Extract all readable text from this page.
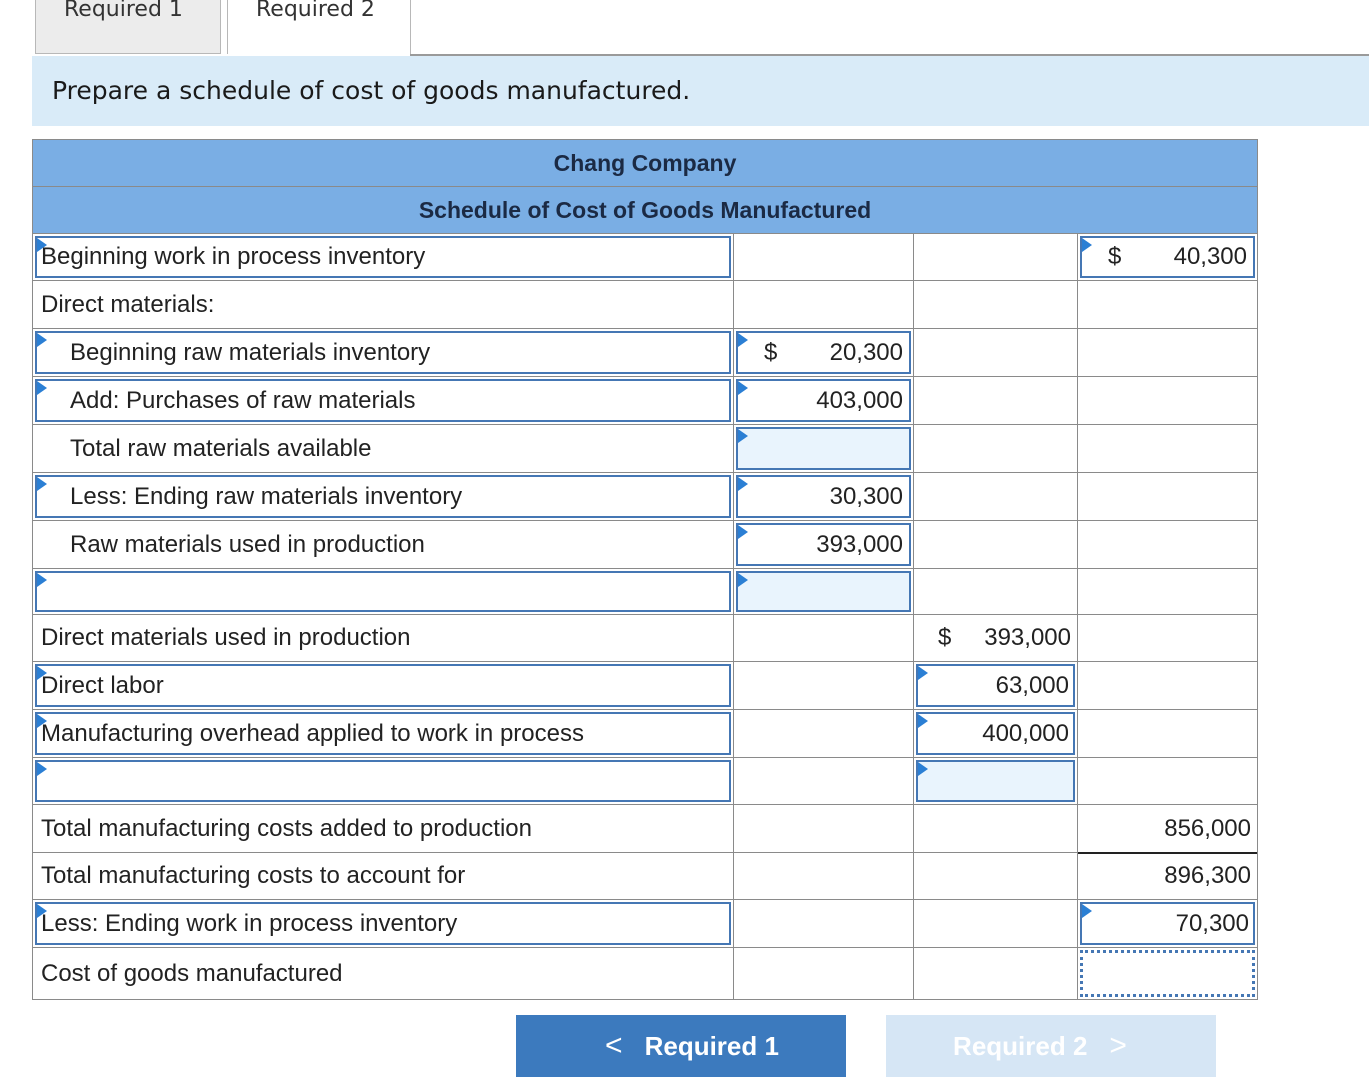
Required 1	Required 2
Prepare a schedule of cost of goods manufactured.
Chang Company
Schedule of Cost of Goods Manufactured
Beginning work in process inventory	$ 40,300
Direct materials:
Beginning raw materials inventory	$ 20,300
Add: Purchases of raw materials	403,000
Total raw materials available
Less: Ending raw materials inventory	30,300
Raw materials used in production	393,000
Direct materials used in production	$ 393,000
Direct labor	63,000
Manufacturing overhead applied to work in process	400,000
Total manufacturing costs added to production	856,000
Total manufacturing costs to account for	896,300
Less: Ending work in process inventory	70,300
Cost of goods manufactured
< Required 1	Required 2 >
